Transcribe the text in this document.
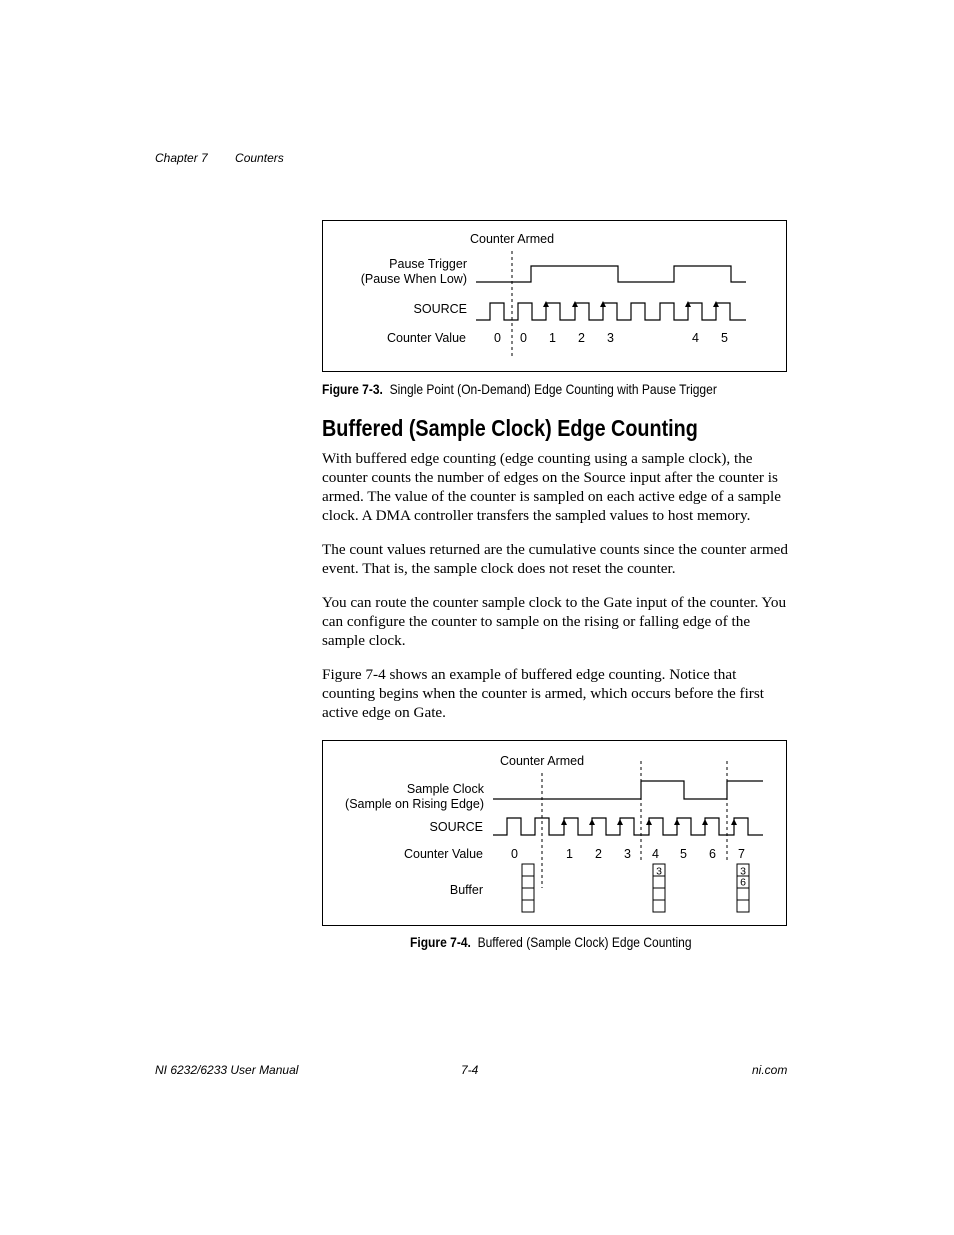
Chapter 7 Counters
Counter Armed
Pause Trigger
(Pause When Low)
SOURCE
Counter Value 0 0 1 2 3	4 5
Figure 7-3. Single Point (On-Demand) Edge Counting with Pause Trigger
Buffered (Sample Clock) Edge Counting

With buffered edge counting (edge counting using a sample clock), the counter counts the number of edges on the Source input after the counter is armed. The value of the counter is sampled on each active edge of a sample clock. A DMA controller transfers the sampled values to host memory.

The count values returned are the cumulative counts since the counter armed event. That is, the sample clock does not reset the counter.

You can route the counter sample clock to the Gate input of the counter. You can configure the counter to sample on the rising or falling edge of the sample clock.

Figure 7-4 shows an example of buffered edge counting. Notice that counting begins when the counter is armed, which occurs before the first active edge on Gate.

Counter Armed
Sample Clock
(Sample on Rising Edge)
SOURCE
Counter Value
Buffer
0	1 2 3 4 5 6 7
3	3
6
Figure 7-4. Buffered (Sample Clock) Edge Counting
NI 6232/6233 User Manual	7-4	ni.com
